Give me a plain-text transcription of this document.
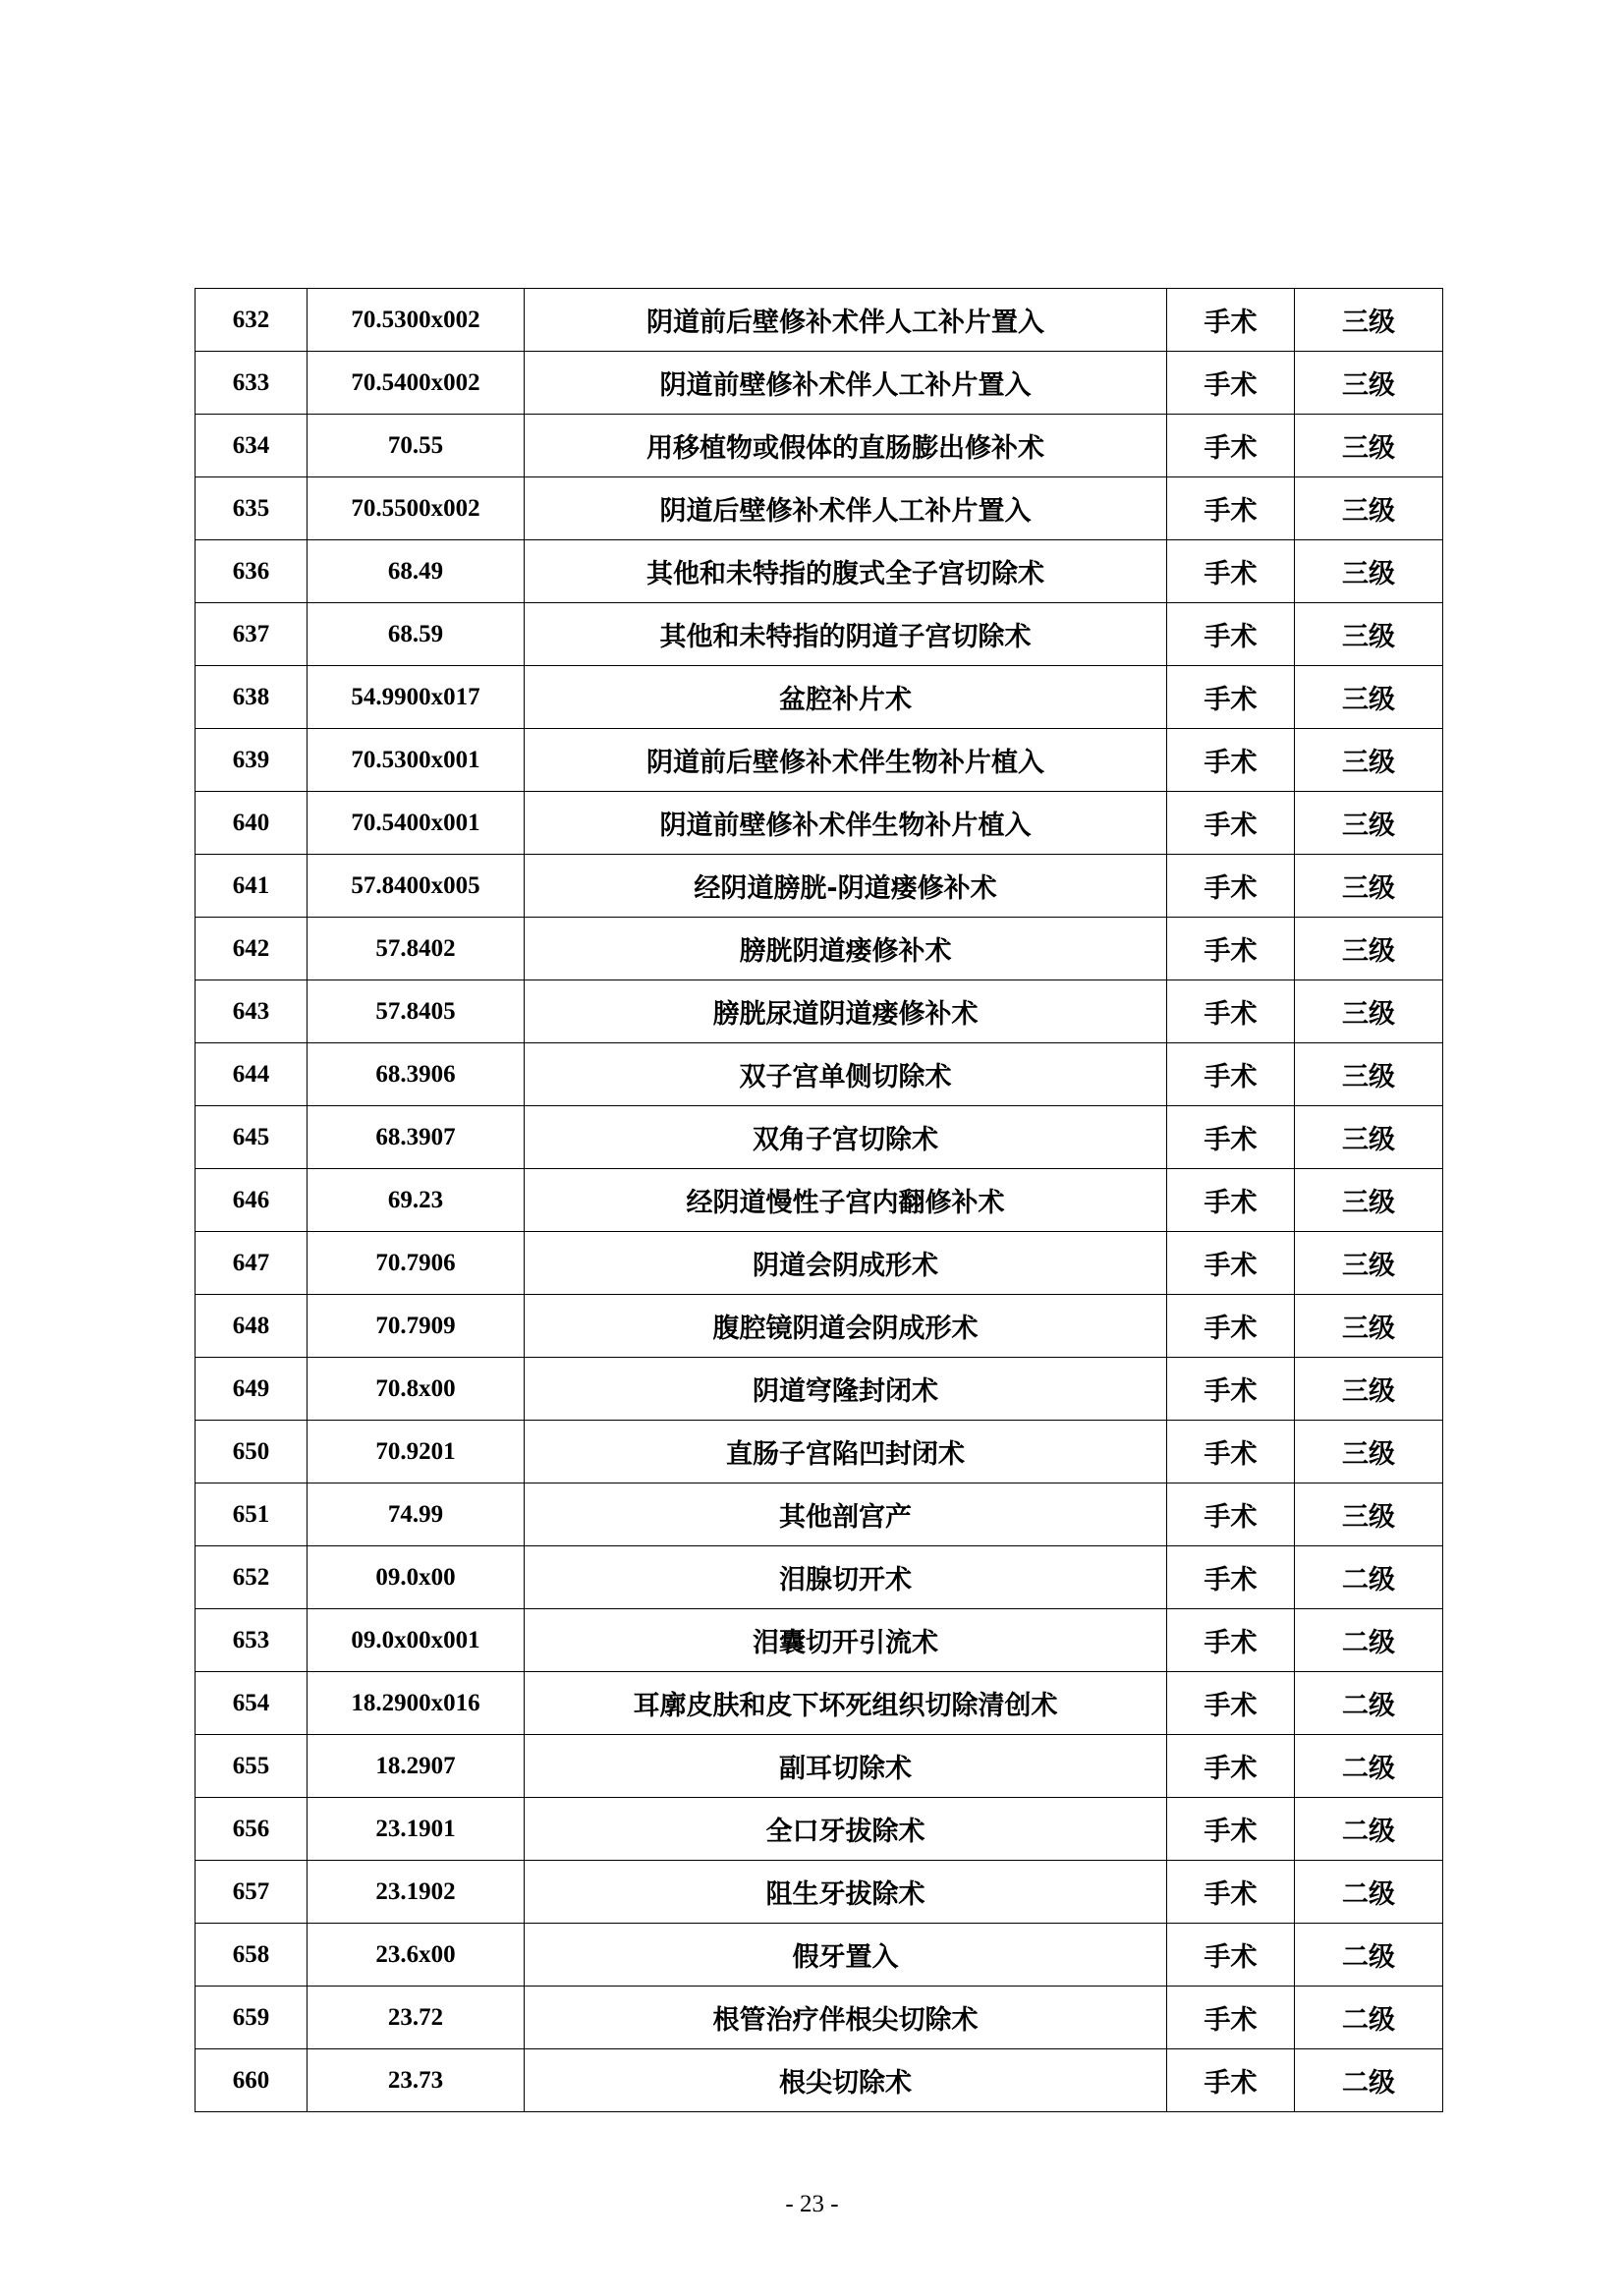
632	70.5300x002	阴道前后壁修补术伴人工补片置入	手术	三级
633	70.5400x002	阴道前壁修补术伴人工补片置入	手术	三级
634	70.55	用移植物或假体的直肠膨出修补术	手术	三级
635	70.5500x002	阴道后壁修补术伴人工补片置入	手术	三级
636	68.49	其他和未特指的腹式全子宫切除术	手术	三级
637	68.59	其他和未特指的阴道子宫切除术	手术	三级
638	54.9900x017	盆腔补片术	手术	三级
639	70.5300x001	阴道前后壁修补术伴生物补片植入	手术	三级
640	70.5400x001	阴道前壁修补术伴生物补片植入	手术	三级
641	57.8400x005	经阴道膀胱-阴道瘘修补术	手术	三级
642	57.8402	膀胱阴道瘘修补术	手术	三级
643	57.8405	膀胱尿道阴道瘘修补术	手术	三级
644	68.3906	双子宫单侧切除术	手术	三级
645	68.3907	双角子宫切除术	手术	三级
646	69.23	经阴道慢性子宫内翻修补术	手术	三级
647	70.7906	阴道会阴成形术	手术	三级
648	70.7909	腹腔镜阴道会阴成形术	手术	三级
649	70.8x00	阴道穹隆封闭术	手术	三级
650	70.9201	直肠子宫陷凹封闭术	手术	三级
651	74.99	其他剖宫产	手术	三级
652	09.0x00	泪腺切开术	手术	二级
653	09.0x00x001	泪囊切开引流术	手术	二级
654	18.2900x016	耳廓皮肤和皮下坏死组织切除清创术	手术	二级
655	18.2907	副耳切除术	手术	二级
656	23.1901	全口牙拔除术	手术	二级
657	23.1902	阻生牙拔除术	手术	二级
658	23.6x00	假牙置入	手术	二级
659	23.72	根管治疗伴根尖切除术	手术	二级
660	23.73	根尖切除术	手术	二级
- 23 -
